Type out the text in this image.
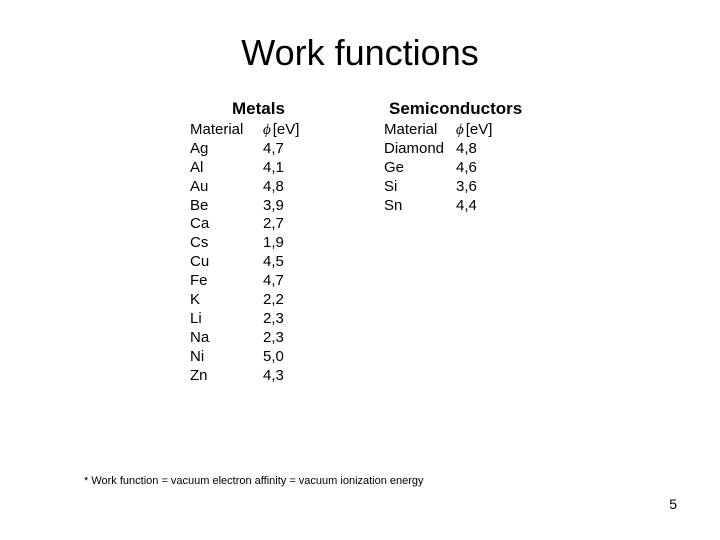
Work functions
Metals	Semiconductors
Material	ϕ [eV]
Ag	4,7
Al	4,1
Au	4,8
Be	3,9
Ca	2,7
Cs	1,9
Cu	4,5
Fe	4,7
K	2,2
Li	2,3
Na	2,3
Ni	5,0
Zn	4,3
Material	ϕ [eV]
Diamond 4,8
Ge	4,6
Si	3,6
Sn	4,4
* Work function = vacuum electron affinity = vacuum ionization energy
5
